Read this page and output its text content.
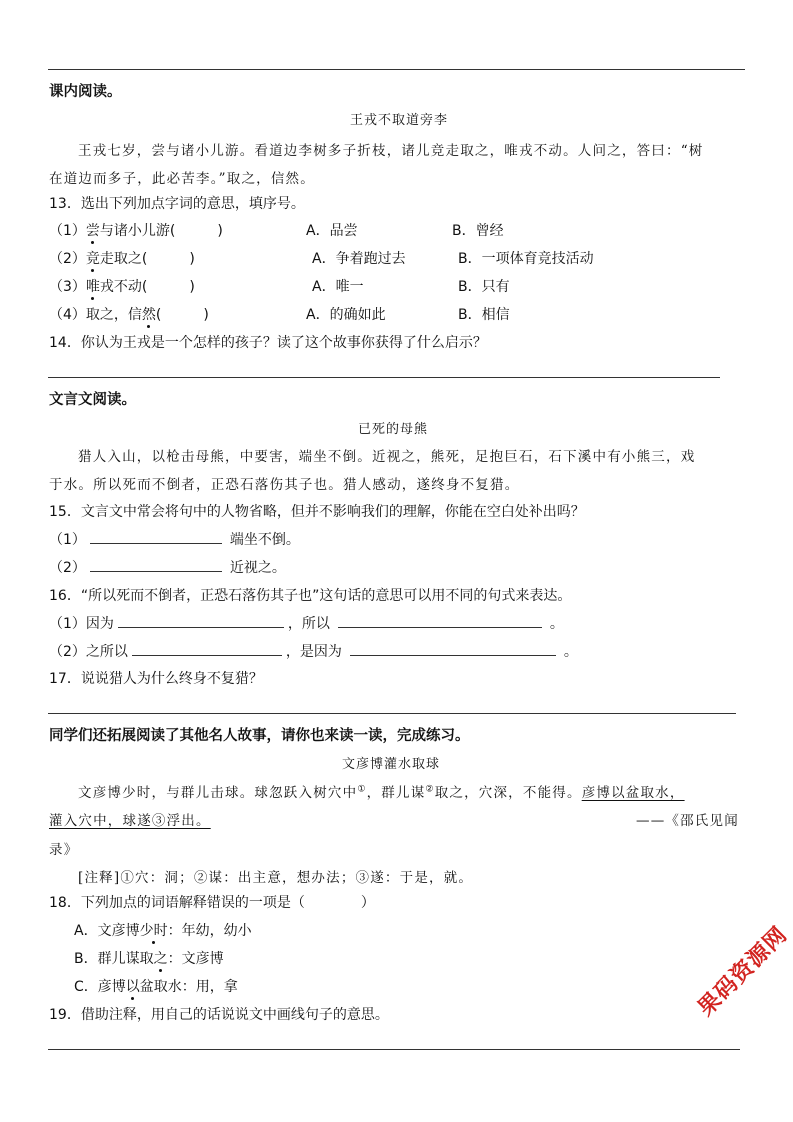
课内阅读。
王戎不取道旁李
王戎七岁，尝与诸小儿游。看道边李树多子折枝，诸儿竞走取之，唯戎不动。人问之，答曰：“树
在道边而多子，此必苦李。”取之，信然。
13．选出下列加点字词的意思，填序号。
（1）尝与诸小儿游(　　　)	A．品尝	B．曾经
（2）竞走取之(　　　)	A．争着跑过去	B．一项体育竞技活动
（3）唯戎不动(　　　)	A．唯一	B．只有
（4）取之，信然(　　　)	A．的确如此	B．相信
14．你认为王戎是一个怎样的孩子？读了这个故事你获得了什么启示？
文言文阅读。
已死的母熊
猎人入山，以枪击母熊，中要害，端坐不倒。近视之，熊死，足抱巨石，石下溪中有小熊三，戏
于水。所以死而不倒者，正恐石落伤其子也。猎人感动，遂终身不复猎。
15．文言文中常会将句中的人物省略，但并不影响我们的理解，你能在空白处补出吗？
（1）	端坐不倒。
（2）	近视之。
16．“所以死而不倒者，正恐石落伤其子也”这句话的意思可以用不同的句式来表达。
（1）因为	，所以	。
（2）之所以	，是因为	。
17．说说猎人为什么终身不复猎？
同学们还拓展阅读了其他名人故事，请你也来读一读，完成练习。
文彦博灌水取球
文彦博少时，与群儿击球。球忽跃入树穴中①，群儿谋②取之，穴深，不能得。彦博以盆取水，
灌入穴中，球遂③浮出。	——《邵氏见闻
录》
[注释]①穴：洞；②谋：出主意，想办法；③遂：于是，就。
18．下列加点的词语解释错误的一项是（　　　　）
A．文彦博少时：年幼，幼小
B．群儿谋取之：文彦博
C．彦博以盆取水：用，拿
19．借助注释，用自己的话说说文中画线句子的意思。	果码资源网
